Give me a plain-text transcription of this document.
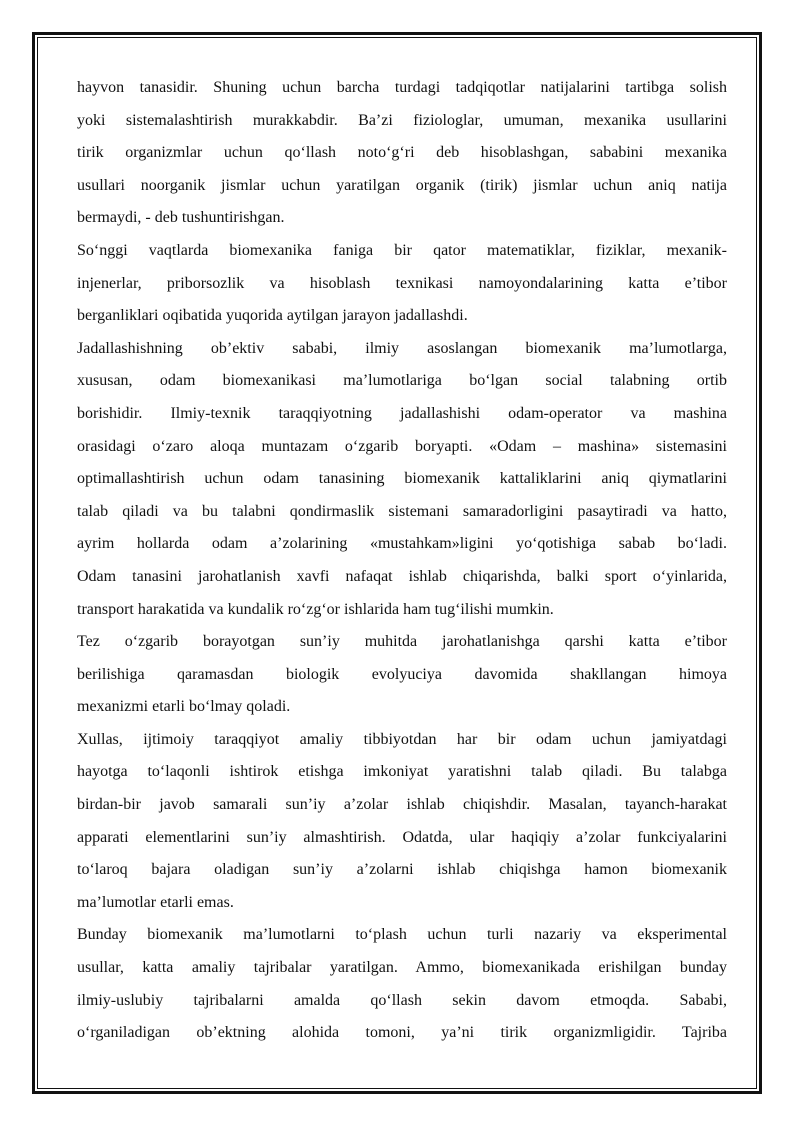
hayvon tanasidir. Shuning uchun barcha turdagi tadqiqotlar natijalarini tartibga solish
yoki sistemalashtirish murakkabdir. Ba’zi fiziologlar, umuman, mexanika usullarini
tirik organizmlar uchun qo‘llash noto‘g‘ri deb hisoblashgan, sababini mexanika
usullari noorganik jismlar uchun yaratilgan organik (tirik) jismlar uchun aniq natija
bermaydi, - deb tushuntirishgan.
So‘nggi vaqtlarda biomexanika faniga bir qator matematiklar, fiziklar, mexanik-
injenerlar, priborsozlik va hisoblash texnikasi namoyondalarining katta e’tibor
berganliklari oqibatida yuqorida aytilgan jarayon jadallashdi.
Jadallashishning ob’ektiv sababi, ilmiy asoslangan biomexanik ma’lumotlarga,
xususan, odam biomexanikasi ma’lumotlariga bo‘lgan social talabning ortib
borishidir. Ilmiy-texnik taraqqiyotning jadallashishi odam-operator va mashina
orasidagi o‘zaro aloqa muntazam o‘zgarib boryapti. «Odam – mashina» sistemasini
optimallashtirish uchun odam tanasining biomexanik kattaliklarini aniq qiymatlarini
talab qiladi va bu talabni qondirmaslik sistemani samaradorligini pasaytiradi va hatto,
ayrim hollarda odam a’zolarining «mustahkam»ligini yo‘qotishiga sabab bo‘ladi.
Odam tanasini jarohatlanish xavfi nafaqat ishlab chiqarishda, balki sport o‘yinlarida,
transport harakatida va kundalik ro‘zg‘or ishlarida ham tug‘ilishi mumkin.
Tez o‘zgarib borayotgan sun’iy muhitda jarohatlanishga qarshi katta e’tibor
berilishiga qaramasdan biologik evolyuciya davomida shakllangan himoya
mexanizmi etarli bo‘lmay qoladi.
Xullas, ijtimoiy taraqqiyot amaliy tibbiyotdan har bir odam uchun jamiyatdagi
hayotga to‘laqonli ishtirok etishga imkoniyat yaratishni talab qiladi. Bu talabga
birdan-bir javob samarali sun’iy a’zolar ishlab chiqishdir. Masalan, tayanch-harakat
apparati elementlarini sun’iy almashtirish. Odatda, ular haqiqiy a’zolar funkciyalarini
to‘laroq bajara oladigan sun’iy a’zolarni ishlab chiqishga hamon biomexanik
ma’lumotlar etarli emas.
Bunday biomexanik ma’lumotlarni to‘plash uchun turli nazariy va eksperimental
usullar, katta amaliy tajribalar yaratilgan. Ammo, biomexanikada erishilgan bunday
ilmiy-uslubiy tajribalarni amalda qo‘llash sekin davom etmoqda. Sababi,
o‘rganiladigan ob’ektning alohida tomoni, ya’ni tirik organizmligidir. Tajriba
